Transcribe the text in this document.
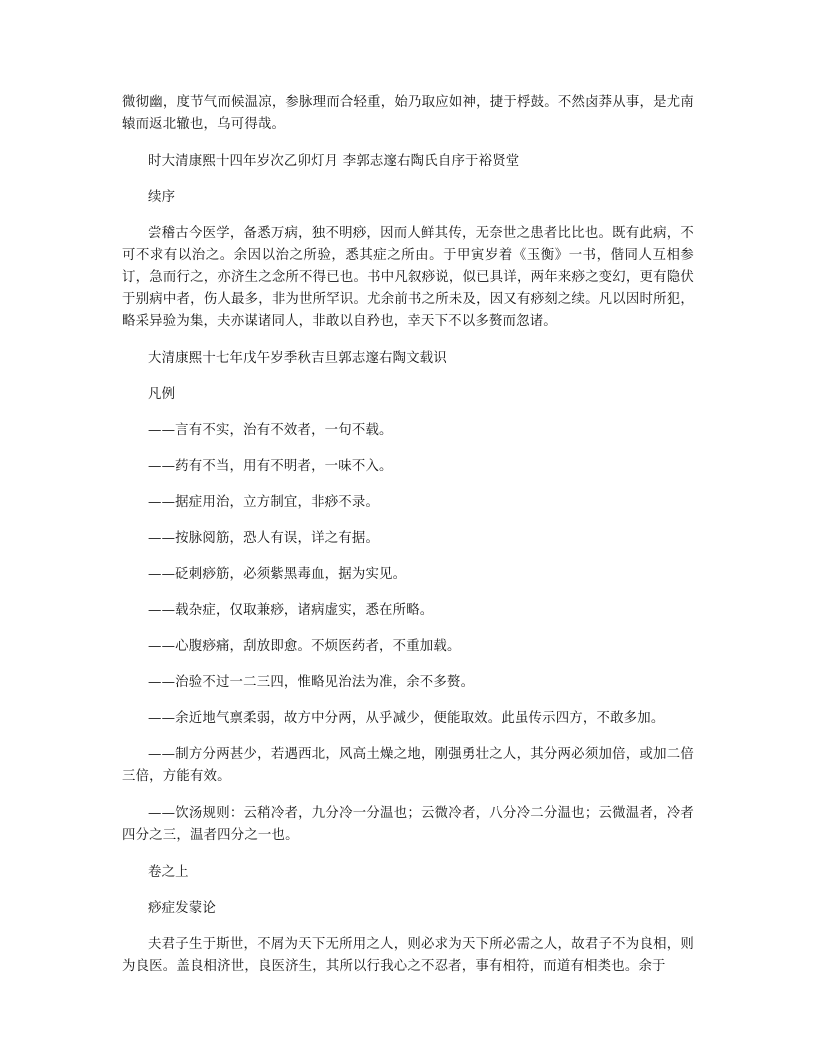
微彻幽，度节气而候温凉，参脉理而合轻重，始乃取应如神，捷于桴鼓。不然卤莽从事，是尤南辕而返北辙也，乌可得哉。

时大清康熙十四年岁次乙卯灯月 李郭志邃右陶氏自序于裕贤堂

续序

尝稽古今医学，备悉万病，独不明痧，因而人鲜其传，无奈世之患者比比也。既有此病，不可不求有以治之。余因以治之所验，悉其症之所由。于甲寅岁着《玉衡》一书，偕同人互相参订，急而行之，亦济生之念所不得已也。书中凡叙痧说，似已具详，两年来痧之变幻，更有隐伏于别病中者，伤人最多，非为世所罕识。尤余前书之所未及，因又有痧刻之续。凡以因时所犯，略采异验为集，夫亦谋诸同人，非敢以自矜也，幸天下不以多赘而忽诸。

大清康熙十七年戊午岁季秋吉旦郭志邃右陶文载识

凡例

——言有不实，治有不效者，一句不载。

——药有不当，用有不明者，一味不入。

——据症用治，立方制宜，非痧不录。

——按脉阅筋，恐人有误，详之有据。

——砭刺痧筋，必须紫黑毒血，据为实见。

——载杂症，仅取兼痧，诸病虚实，悉在所略。

——心腹痧痛，刮放即愈。不烦医药者，不重加载。

——治验不过一二三四，惟略见治法为准，余不多赘。

——余近地气禀柔弱，故方中分两，从乎减少，便能取效。此虽传示四方，不敢多加。

——制方分两甚少，若遇西北，风高土燥之地，刚强勇壮之人，其分两必须加倍，或加二倍三倍，方能有效。

——饮汤规则：云稍冷者，九分冷一分温也；云微冷者，八分冷二分温也；云微温者，冷者四分之三，温者四分之一也。

卷之上

痧症发蒙论

夫君子生于斯世，不屑为天下无所用之人，则必求为天下所必需之人，故君子不为良相，则为良医。盖良相济世，良医济生，其所以行我心之不忍者，事有相符，而道有相类也。余于
